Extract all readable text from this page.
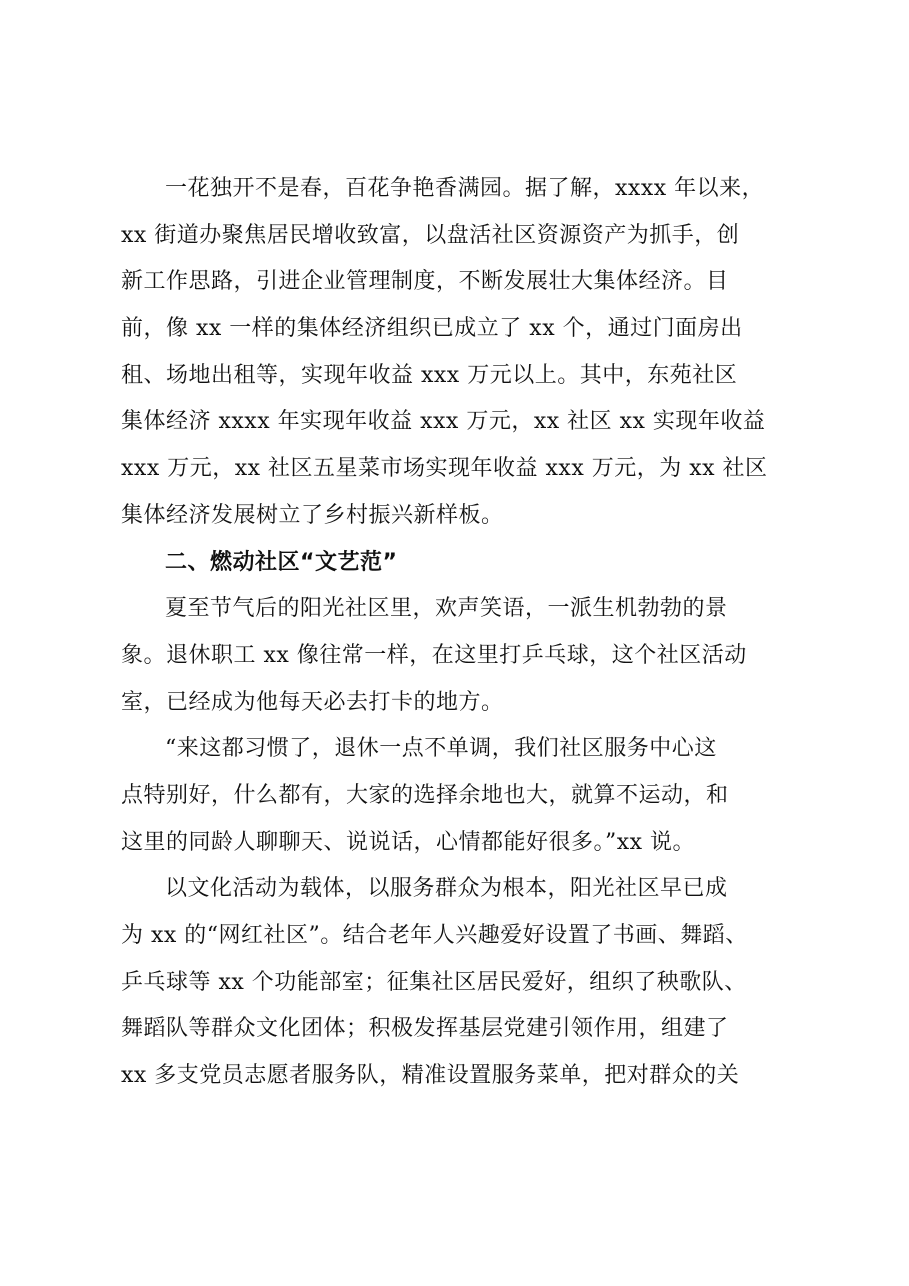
一花独开不是春，百花争艳香满园。据了解，xxxx 年以来，
xx 街道办聚焦居民增收致富，以盘活社区资源资产为抓手，创
新工作思路，引进企业管理制度，不断发展壮大集体经济。目
前，像 xx 一样的集体经济组织已成立了 xx 个，通过门面房出
租、场地出租等，实现年收益 xxx 万元以上。其中，东苑社区
集体经济 xxxx 年实现年收益 xxx 万元，xx 社区 xx 实现年收益
xxx 万元，xx 社区五星菜市场实现年收益 xxx 万元，为 xx 社区
集体经济发展树立了乡村振兴新样板。
二、燃动社区“文艺范”
夏至节气后的阳光社区里，欢声笑语，一派生机勃勃的景
象。退休职工 xx 像往常一样，在这里打乒乓球，这个社区活动
室，已经成为他每天必去打卡的地方。
“来这都习惯了，退休一点不单调，我们社区服务中心这
点特别好，什么都有，大家的选择余地也大，就算不运动，和
这里的同龄人聊聊天、说说话，心情都能好很多。”xx 说。
以文化活动为载体，以服务群众为根本，阳光社区早已成
为 xx 的“网红社区”。结合老年人兴趣爱好设置了书画、舞蹈、
乒乓球等 xx 个功能部室；征集社区居民爱好，组织了秧歌队、
舞蹈队等群众文化团体；积极发挥基层党建引领作用，组建了
xx 多支党员志愿者服务队，精准设置服务菜单，把对群众的关
